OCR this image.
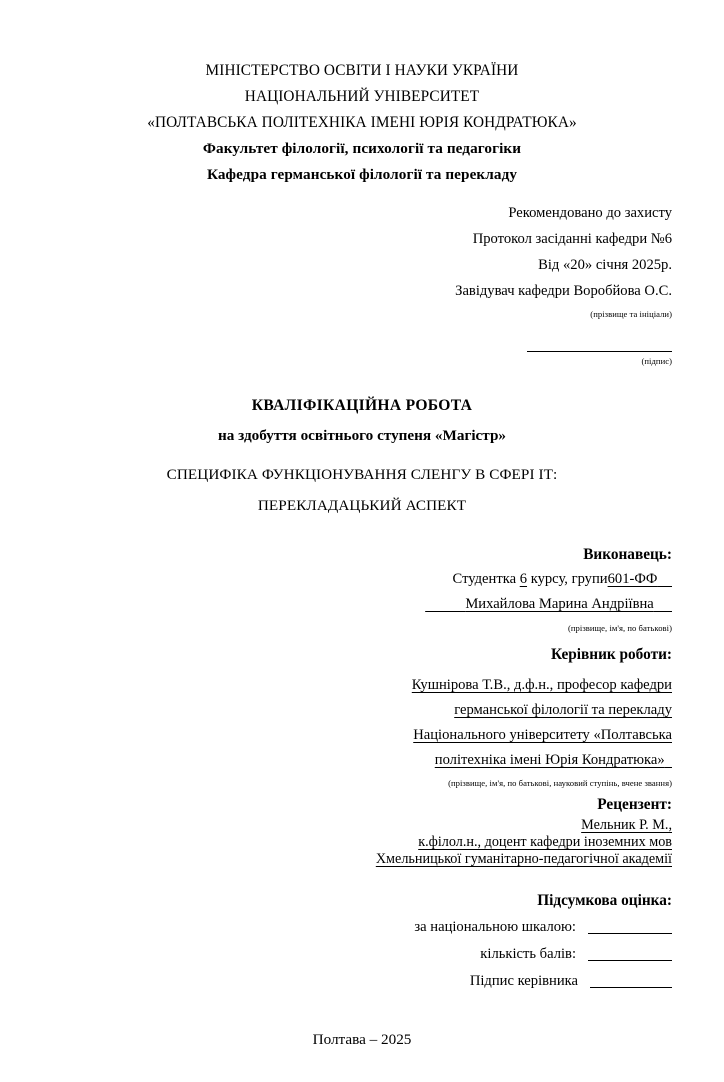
МІНІСТЕРСТВО ОСВІТИ І НАУКИ УКРАЇНИ
НАЦІОНАЛЬНИЙ УНІВЕРСИТЕТ
«ПОЛТАВСЬКА ПОЛІТЕХНІКА ІМЕНІ ЮРІЯ КОНДРАТЮКА»
Факультет філології, психології та педагогіки
Кафедра германської філології та перекладу
Рекомендовано до захисту
Протокол засіданні кафедри №6
Від «20» січня 2025р.
Завідувач кафедри Воробйова О.С.
(прізвище та ініціали)
(підпис)
КВАЛІФІКАЦІЙНА РОБОТА
на здобуття освітнього ступеня «Магістр»
СПЕЦИФІКА ФУНКЦІОНУВАННЯ СЛЕНГУ В СФЕРІ ІТ:
ПЕРЕКЛАДАЦЬКИЙ АСПЕКТ
Виконавець:
Студентка 6 курсу, групи601-ФФ
Михайлова Марина Андріївна
(прізвище, ім'я, по батькові)
Керівник роботи:
Кушнірова Т.В., д.ф.н., професор кафедри
германської філології та перекладу
Національного університету «Полтавська
політехніка імені Юрія Кондратюка»
(прізвище, ім'я, по батькові, науковий ступінь, вчене звання)
Рецензент:
Мельник Р. М.,
к.філол.н., доцент кафедри іноземних мов
Хмельницької гуманітарно-педагогічної академії
Підсумкова оцінка:
за національною шкалою:
кількість балів:
Підпис керівника
Полтава – 2025
